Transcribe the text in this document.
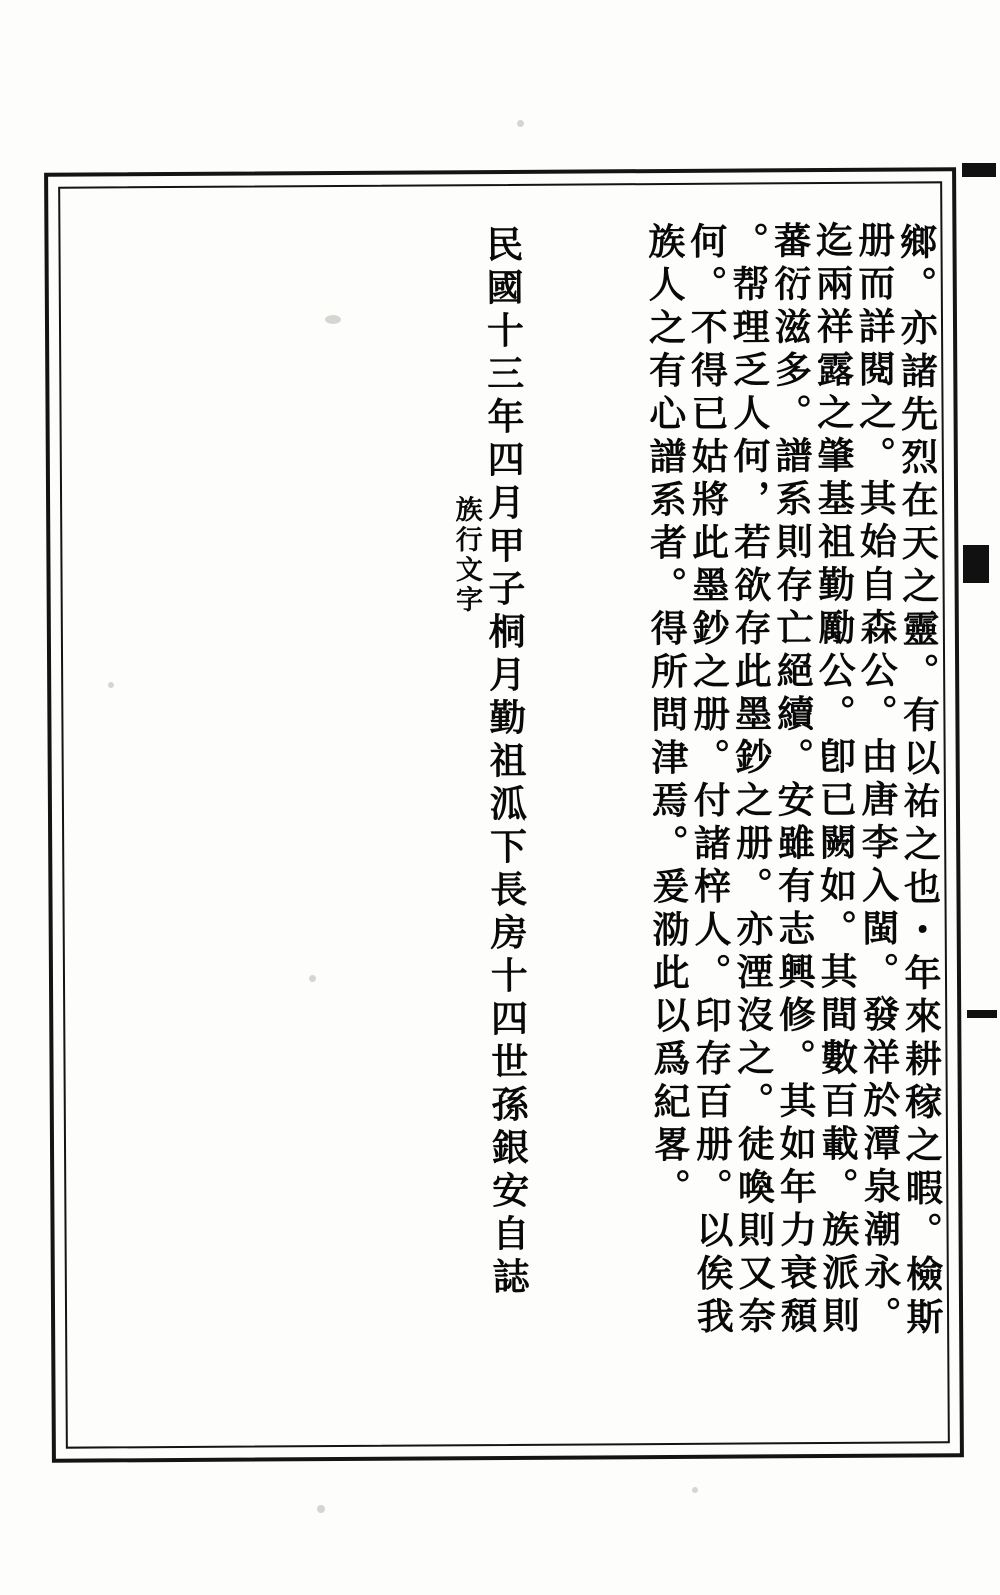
鄉。亦諸先烈在天之靈。有以祐之也・年來耕稼之暇。檢斯
册而詳閱之。其始自森公。由唐李入閩。發祥於潭泉潮永。
迄兩祥露之肇基祖勤勵公。卽已闕如。其間數百載。族派則
蕃衍滋多。譜系則存亡絕續。安雖有志興修。其如年力衰頹
。帮理乏人何，若欲存此墨鈔之册。亦湮沒之。徒喚則又奈
何。不得已姑將此墨鈔之册。付諸梓人。印存百册。以俟我
族人之有心譜系者。得所問津焉。爰泐此以爲紀畧。
民國十三年四月甲子桐月勤祖泒下長房十四世孫銀安自誌
族行文字
